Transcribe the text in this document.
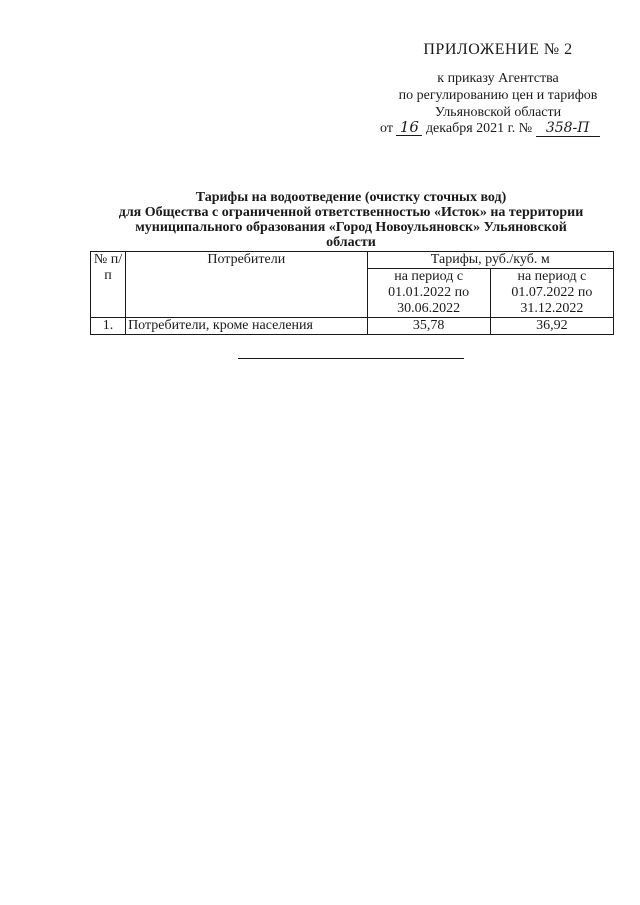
ПРИЛОЖЕНИЕ № 2
к приказу Агентства
по регулированию цен и тарифов
Ульяновской области
от 16 декабря 2021 г. № 358-П
Тарифы на водоотведение (очистку сточных вод)
для Общества с ограниченной ответственностью «Исток» на территории
муниципального образования «Город Новоульяновск» Ульяновской
области
№ п/п	Потребители	Тарифы, руб./куб. м	
		на период с 01.01.2022 по 30.06.2022	на период с 01.07.2022 по 31.12.2022
1.	Потребители, кроме населения	35,78	36,92
